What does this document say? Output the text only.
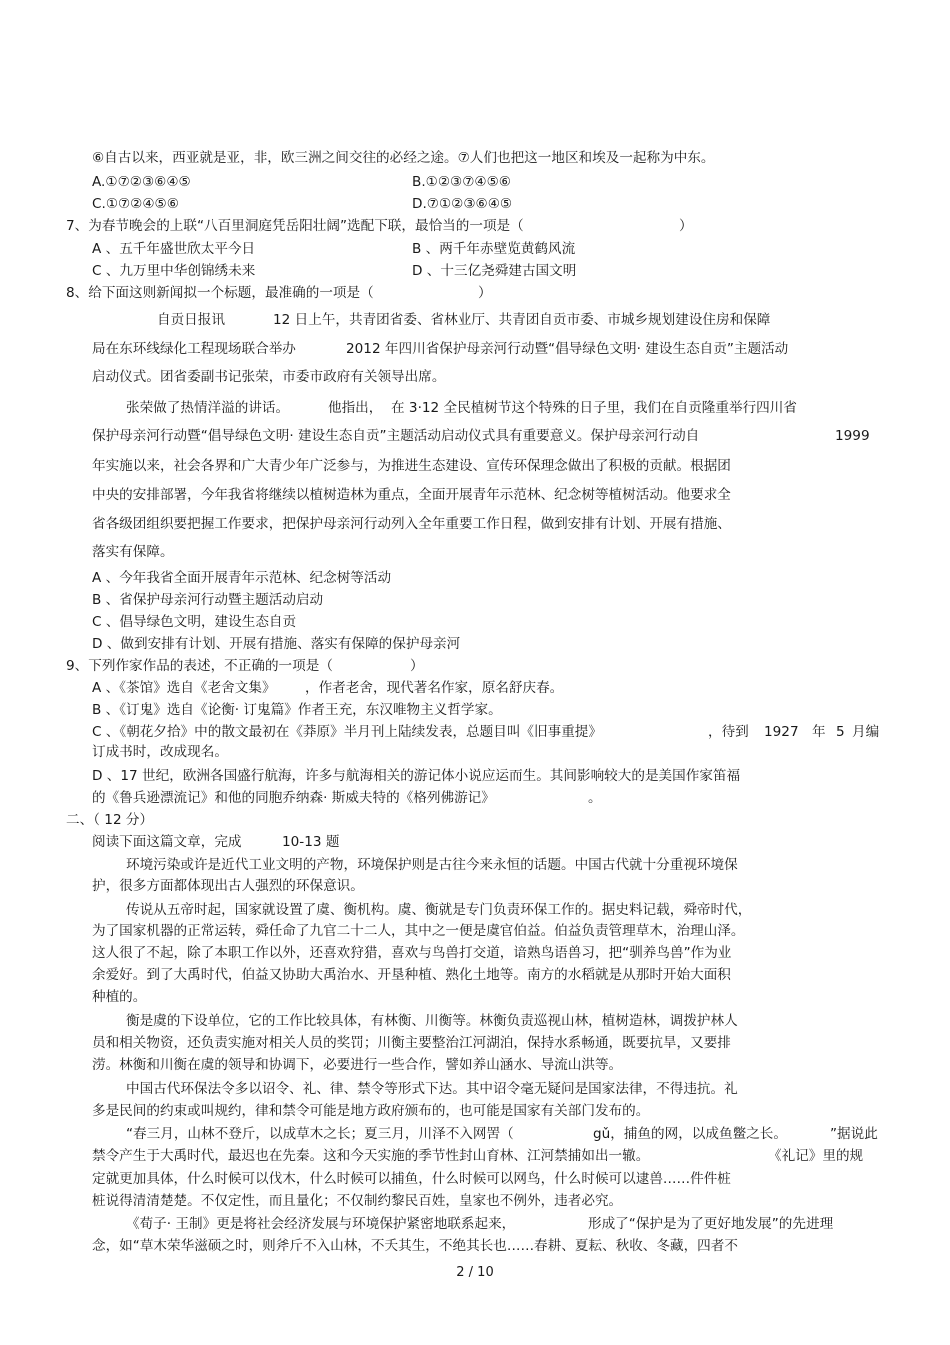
⑥自古以来，西亚就是亚，非，欧三洲之间交往的必经之途。⑦人们也把这一地区和埃及一起称为中东。
A.①⑦②③⑥④⑤	B.①②③⑦④⑤⑥
C.①⑦②④⑤⑥	D.⑦①②③⑥④⑤
7、为春节晚会的上联“八百里洞庭凭岳阳壮阔”选配下联，最恰当的一项是（	）
A 、五千年盛世欣太平今日	B 、两千年赤壁览黄鹤风流
C 、九万里中华创锦绣未来	D 、十三亿尧舜建古国文明
8、给下面这则新闻拟一个标题，最准确的一项是（	）
自贡日报讯	12 日上午，共青团省委、省林业厅、共青团自贡市委、市城乡规划建设住房和保障
局在东环线绿化工程现场联合举办	2012 年四川省保护母亲河行动暨“倡导绿色文明· 建设生态自贡”主题活动
启动仪式。团省委副书记张荣，市委市政府有关领导出席。
张荣做了热情洋溢的讲话。	他指出， 在 3·12 全民植树节这个特殊的日子里，我们在自贡隆重举行四川省
保护母亲河行动暨“倡导绿色文明· 建设生态自贡”主题活动启动仪式具有重要意义。保护母亲河行动自	1999
年实施以来，社会各界和广大青少年广泛参与，为推进生态建设、宣传环保理念做出了积极的贡献。根据团
中央的安排部署，今年我省将继续以植树造林为重点，全面开展青年示范林、纪念树等植树活动。他要求全
省各级团组织要把握工作要求，把保护母亲河行动列入全年重要工作日程，做到安排有计划、开展有措施、
落实有保障。
A 、今年我省全面开展青年示范林、纪念树等活动
B 、省保护母亲河行动暨主题活动启动
C 、倡导绿色文明，建设生态自贡
D 、做到安排有计划、开展有措施、落实有保障的保护母亲河
9、下列作家作品的表述，不正确的一项是（	）
A 、《茶馆》选自《老舍文集》 ，作者老舍，现代著名作家，原名舒庆春。
B 、《订鬼》选自《论衡· 订鬼篇》作者王充，东汉唯物主义哲学家。
C 、《朝花夕拾》中的散文最初在《莽原》半月刊上陆续发表，总题目叫《旧事重提》	，待到 1927 年 5 月编
订成书时，改成现名。
D 、17 世纪，欧洲各国盛行航海，许多与航海相关的游记体小说应运而生。其间影响较大的是美国作家笛福
的《鲁兵逊漂流记》和他的同胞乔纳森· 斯威夫特的《格列佛游记》	。
二、（ 12 分）
阅读下面这篇文章，完成	10-13 题
环境污染或许是近代工业文明的产物，环境保护则是古往今来永恒的话题。中国古代就十分重视环境保
护，很多方面都体现出古人强烈的环保意识。
传说从五帝时起，国家就设置了虞、衡机构。虞、衡就是专门负责环保工作的。据史料记载，舜帝时代，
为了国家机器的正常运转，舜任命了九官二十二人，其中之一便是虞官伯益。伯益负责管理草木，治理山泽。
这人很了不起，除了本职工作以外，还喜欢狩猎，喜欢与鸟兽打交道，谙熟鸟语兽习，把“驯养鸟兽”作为业
余爱好。到了大禹时代，伯益又协助大禹治水、开垦种植、熟化土地等。南方的水稻就是从那时开始大面积
种植的。
衡是虞的下设单位，它的工作比较具体，有林衡、川衡等。林衡负责巡视山林，植树造林，调拨护林人
员和相关物资，还负责实施对相关人员的奖罚；川衡主要整治江河湖泊，保持水系畅通，既要抗旱，又要排
涝。林衡和川衡在虞的领导和协调下，必要进行一些合作，譬如养山涵水、导流山洪等。
中国古代环保法令多以诏令、礼、律、禁令等形式下达。其中诏令毫无疑问是国家法律，不得违抗。礼
多是民间的约束或叫规约，律和禁令可能是地方政府颁布的，也可能是国家有关部门发布的。
“春三月，山林不登斤，以成草木之长；夏三月，川泽不入网罟（	gǔ，捕鱼的网，以成鱼鳖之长。	”据说此
禁令产生于大禹时代，最迟也在先秦。这和今天实施的季节性封山育林、江河禁捕如出一辙。	《礼记》里的规
定就更加具体，什么时候可以伐木，什么时候可以捕鱼，什么时候可以网鸟，什么时候可以逮兽……件件桩
桩说得清清楚楚。不仅定性，而且量化；不仅制约黎民百姓，皇家也不例外，违者必究。
《荀子· 王制》更是将社会经济发展与环境保护紧密地联系起来，	形成了“保护是为了更好地发展”的先进理
念，如“草木荣华滋硕之时，则斧斤不入山林，不夭其生，不绝其长也……春耕、夏耘、秋收、冬藏，四者不
2 / 10
